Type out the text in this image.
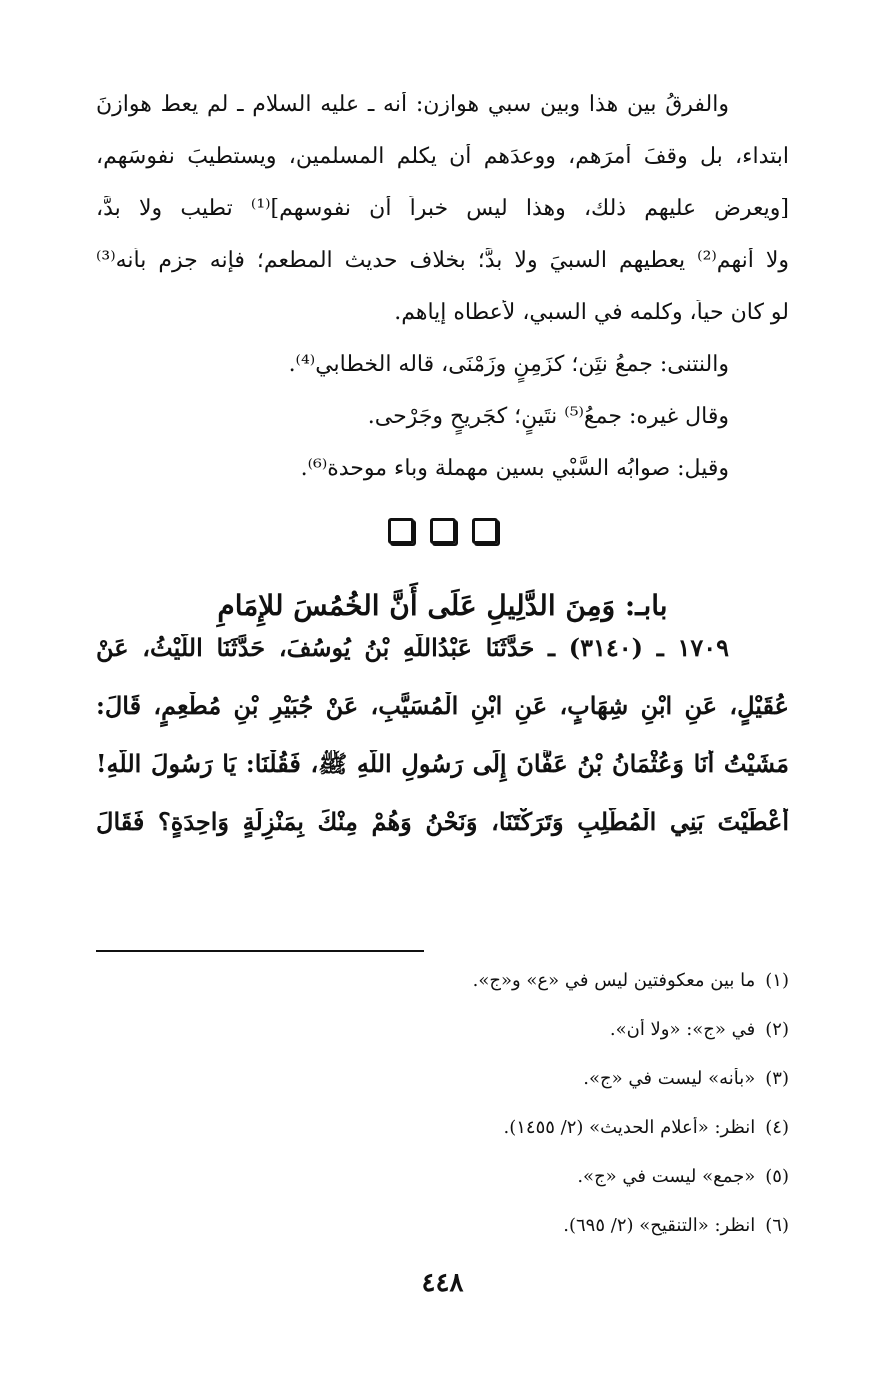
والفرقُ بين هذا وبين سبي هوازن: أنه ـ عليه السلام ـ لم يعط هوازنَ
ابتداء، بل وقفَ أمرَهم، ووعدَهم أن يكلم المسلمين، ويستطيبَ نفوسَهم،
[ويعرض عليهم ذلك، وهذا ليس خبراً أن نفوسهم]⁽¹⁾ تطيب ولا بدَّ،
ولا أنهم⁽²⁾ يعطيهم السبيَ ولا بدَّ؛ بخلاف حديث المطعم؛ فإنه جزم بأنه⁽³⁾
لو كان حياً، وكلمه في السبي، لأعطاه إياهم.
والنتنى: جمعُ نتَِن؛ كزَمِنٍ وزَمْنَى، قاله الخطابي⁽⁴⁾.
وقال غيره: جمعُ⁽⁵⁾ نتَينٍ؛ كجَريحٍ وجَرْحى.
وقيل: صوابُه السَّبْي بسين مهملة وباء موحدة⁽⁶⁾.
بابـ: وَمِنَ الدَّلِيلِ عَلَى أَنَّ الخُمُسَ للإِمَامِ
١٧٠٩ ـ (٣١٤٠) ـ حَدَّثَنَا عَبْدُاللَّهِ بْنُ يُوسُفَ، حَدَّثَنَا اللَّيْثُ، عَنْ
عُقَيْلٍ، عَنِ ابْنِ شِهَابٍ، عَنِ ابْنِ الْمُسَيَّبِ، عَنْ جُبَيْرِ بْنِ مُطْعِمٍ، قَالَ:
مَشَيْتُ أَنَا وَعُثْمَانُ بْنُ عَفَّانَ إِلَى رَسُولِ اللَّهِ ﷺ، فَقُلْنَا: يَا رَسُولَ اللَّهِ!
أَعْطَيْتَ بَنِي الْمُطَّلِبِ وَتَرَكْتَنَا، وَنَحْنُ وَهُمْ مِنْكَ بِمَنْزِلَةٍ وَاحِدَةٍ؟ فَقَالَ
(١)ما بين معكوفتين ليس في «ع» و«ج».
(٢)في «ج»: «ولا أن».
(٣)«بأنه» ليست في «ج».
(٤)انظر: «أعلام الحديث» (٢/ ١٤٥٥).
(٥)«جمع» ليست في «ج».
(٦)انظر: «التنقيح» (٢/ ٦٩٥).
٤٤٨
